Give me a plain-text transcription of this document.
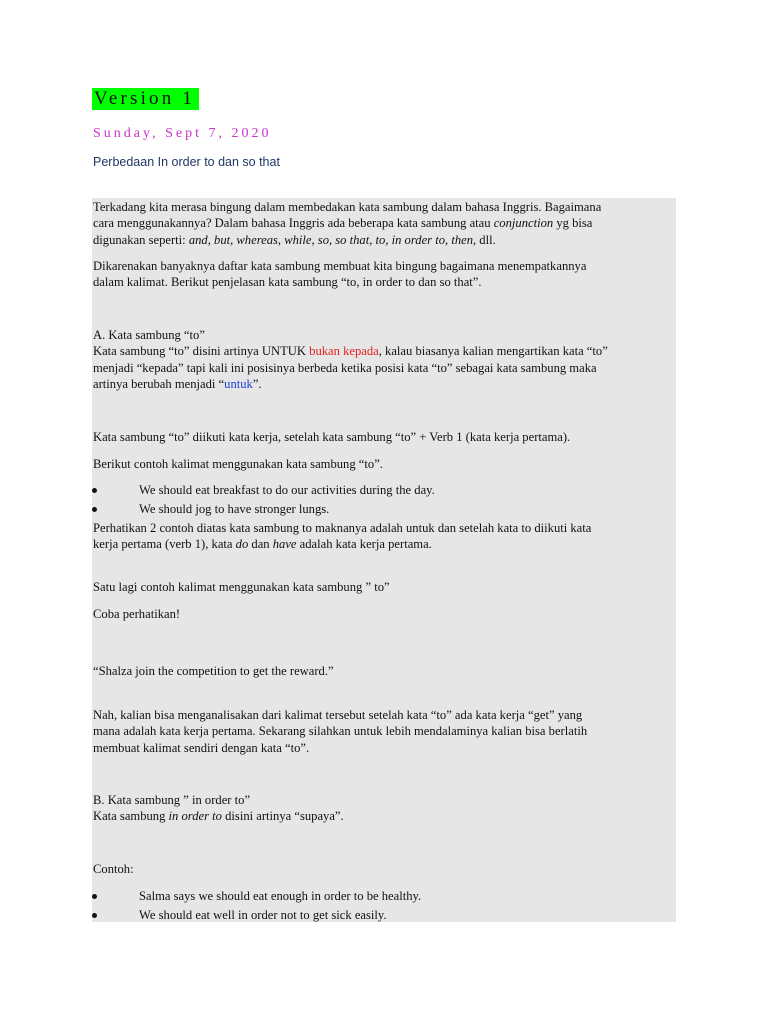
Version 1
Sunday, Sept 7, 2020
Perbedaan In order to dan so that
Terkadang kita merasa bingung dalam membedakan kata sambung dalam bahasa Inggris. Bagaimana
cara menggunakannya? Dalam bahasa Inggris ada beberapa kata sambung atau conjunction yg bisa
digunakan seperti: and, but, whereas, while, so, so that, to, in order to, then, dll.
Dikarenakan banyaknya daftar kata sambung membuat kita bingung bagaimana menempatkannya
dalam kalimat. Berikut penjelasan kata sambung “to, in order to dan so that”.
A. Kata sambung “to”
Kata sambung “to” disini artinya UNTUK bukan kepada, kalau biasanya kalian mengartikan kata “to”
menjadi “kepada” tapi kali ini posisinya berbeda ketika posisi kata “to” sebagai kata sambung maka
artinya berubah menjadi “untuk”.
Kata sambung “to” diikuti kata kerja, setelah kata sambung “to” + Verb 1 (kata kerja pertama).
Berikut contoh kalimat menggunakan kata sambung “to”.
We should eat breakfast to do our activities during the day.
We should jog to have stronger lungs.
Perhatikan 2 contoh diatas kata sambung to maknanya adalah untuk dan setelah kata to diikuti kata
kerja pertama (verb 1), kata do dan have adalah kata kerja pertama.
Satu lagi contoh kalimat menggunakan kata sambung ” to”
Coba perhatikan!
“Shalza join the competition to get the reward.”
Nah, kalian bisa menganalisakan dari kalimat tersebut setelah kata “to” ada kata kerja “get” yang
mana adalah kata kerja pertama. Sekarang silahkan untuk lebih mendalaminya kalian bisa berlatih
membuat kalimat sendiri dengan kata “to”.
B. Kata sambung ” in order to”
Kata sambung in order to disini artinya “supaya”.
Contoh:
Salma says we should eat enough in order to be healthy.
We should eat well in order not to get sick easily.
